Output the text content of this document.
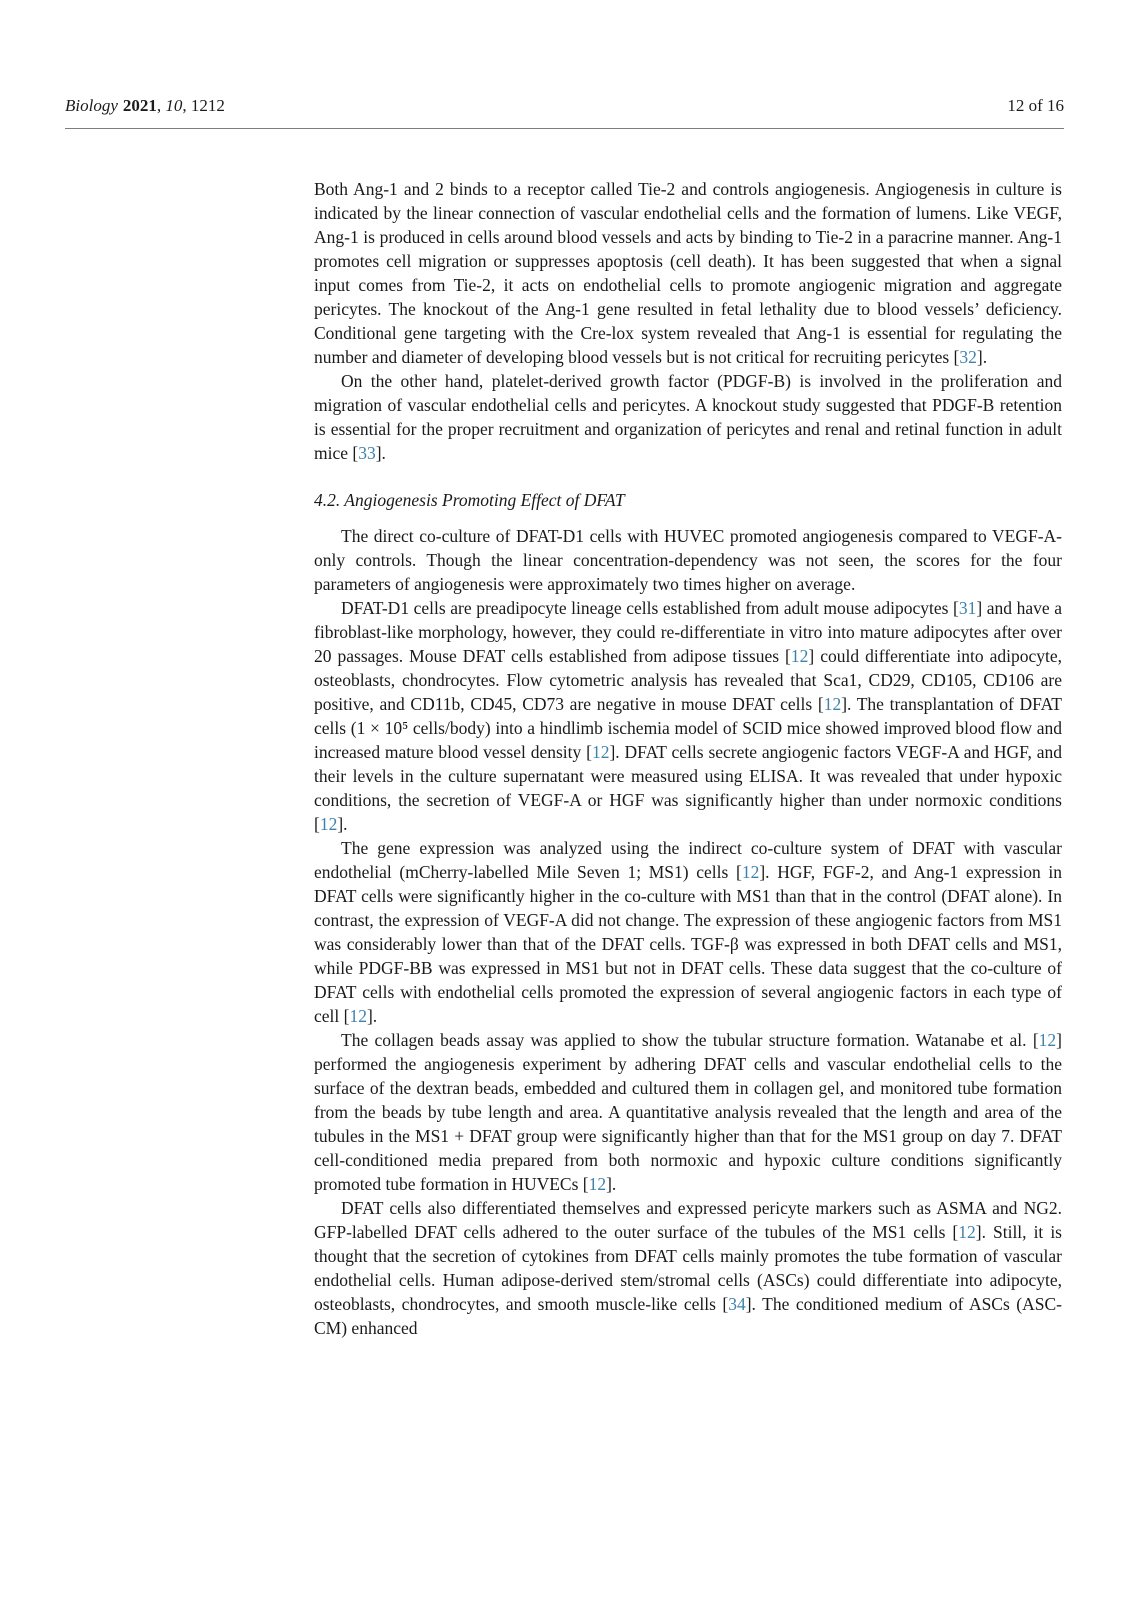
Biology 2021, 10, 1212	12 of 16

Both Ang-1 and 2 binds to a receptor called Tie-2 and controls angiogenesis. Angiogenesis in culture is indicated by the linear connection of vascular endothelial cells and the formation of lumens. Like VEGF, Ang-1 is produced in cells around blood vessels and acts by binding to Tie-2 in a paracrine manner. Ang-1 promotes cell migration or suppresses apoptosis (cell death). It has been suggested that when a signal input comes from Tie-2, it acts on endothelial cells to promote angiogenic migration and aggregate pericytes. The knockout of the Ang-1 gene resulted in fetal lethality due to blood vessels’ deficiency. Conditional gene targeting with the Cre-lox system revealed that Ang-1 is essential for regulating the number and diameter of developing blood vessels but is not critical for recruiting pericytes [32].

On the other hand, platelet-derived growth factor (PDGF-B) is involved in the proliferation and migration of vascular endothelial cells and pericytes. A knockout study suggested that PDGF-B retention is essential for the proper recruitment and organization of pericytes and renal and retinal function in adult mice [33].

4.2. Angiogenesis Promoting Effect of DFAT

The direct co-culture of DFAT-D1 cells with HUVEC promoted angiogenesis compared to VEGF-A-only controls. Though the linear concentration-dependency was not seen, the scores for the four parameters of angiogenesis were approximately two times higher on average.

DFAT-D1 cells are preadipocyte lineage cells established from adult mouse adipocytes [31] and have a fibroblast-like morphology, however, they could re-differentiate in vitro into mature adipocytes after over 20 passages. Mouse DFAT cells established from adipose tissues [12] could differentiate into adipocyte, osteoblasts, chondrocytes. Flow cytometric analysis has revealed that Sca1, CD29, CD105, CD106 are positive, and CD11b, CD45, CD73 are negative in mouse DFAT cells [12]. The transplantation of DFAT cells (1 × 10⁵ cells/body) into a hindlimb ischemia model of SCID mice showed improved blood flow and increased mature blood vessel density [12]. DFAT cells secrete angiogenic factors VEGF-A and HGF, and their levels in the culture supernatant were measured using ELISA. It was revealed that under hypoxic conditions, the secretion of VEGF-A or HGF was significantly higher than under normoxic conditions [12].

The gene expression was analyzed using the indirect co-culture system of DFAT with vascular endothelial (mCherry-labelled Mile Seven 1; MS1) cells [12]. HGF, FGF-2, and Ang-1 expression in DFAT cells were significantly higher in the co-culture with MS1 than that in the control (DFAT alone). In contrast, the expression of VEGF-A did not change. The expression of these angiogenic factors from MS1 was considerably lower than that of the DFAT cells. TGF-β was expressed in both DFAT cells and MS1, while PDGF-BB was expressed in MS1 but not in DFAT cells. These data suggest that the co-culture of DFAT cells with endothelial cells promoted the expression of several angiogenic factors in each type of cell [12].

The collagen beads assay was applied to show the tubular structure formation. Watanabe et al. [12] performed the angiogenesis experiment by adhering DFAT cells and vascular endothelial cells to the surface of the dextran beads, embedded and cultured them in collagen gel, and monitored tube formation from the beads by tube length and area. A quantitative analysis revealed that the length and area of the tubules in the MS1 + DFAT group were significantly higher than that for the MS1 group on day 7. DFAT cell-conditioned media prepared from both normoxic and hypoxic culture conditions significantly promoted tube formation in HUVECs [12].

DFAT cells also differentiated themselves and expressed pericyte markers such as ASMA and NG2. GFP-labelled DFAT cells adhered to the outer surface of the tubules of the MS1 cells [12]. Still, it is thought that the secretion of cytokines from DFAT cells mainly promotes the tube formation of vascular endothelial cells. Human adipose-derived stem/stromal cells (ASCs) could differentiate into adipocyte, osteoblasts, chondrocytes, and smooth muscle-like cells [34]. The conditioned medium of ASCs (ASC-CM) enhanced
